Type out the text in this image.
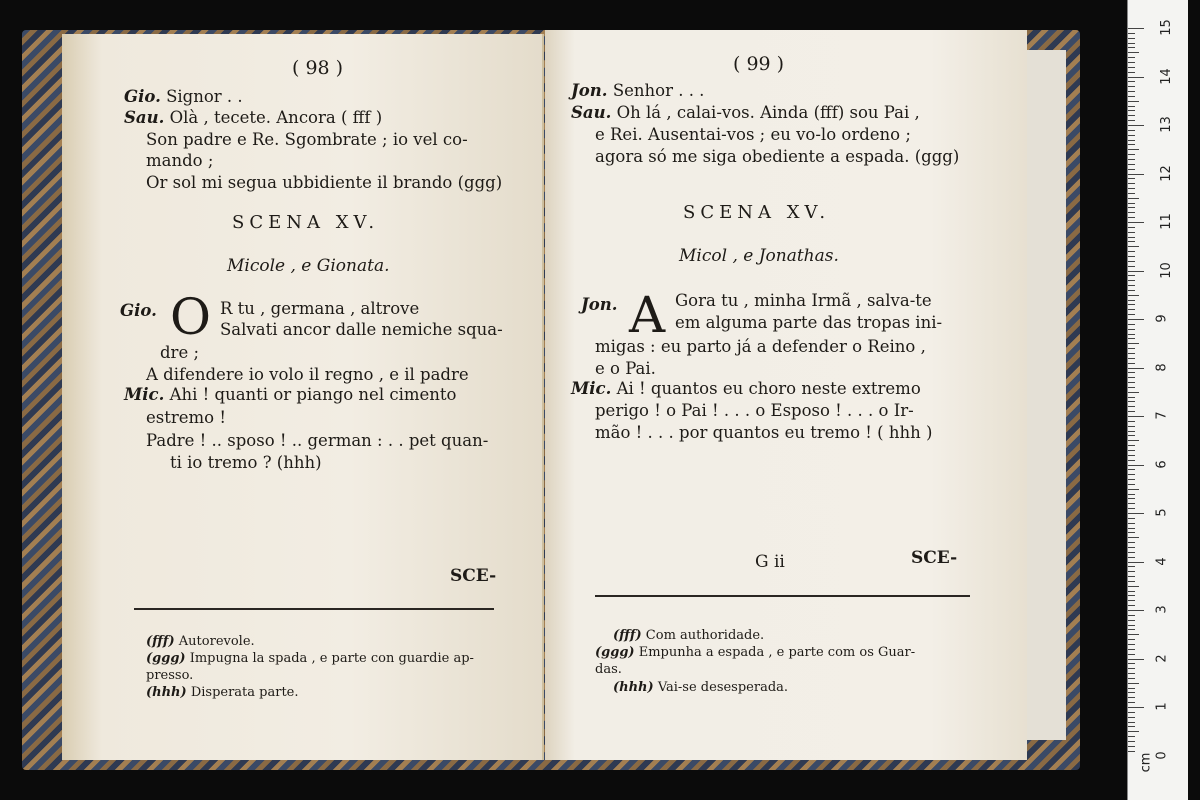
( 98 )
Gio. Signor . .
Sau. Olà , tecete. Ancora ( fff )
Son padre e Re. Sgombrate ; io vel co-
mando ;
Or sol mi segua ubbidiente il brando (ggg)
SCENA XV.
Micole , e Gionata.
Gio. O R tu , germana , altrove
Salvati ancor dalle nemiche squa-
dre ;
A difendere io volo il regno , e il padre
Mic. Ahi ! quanti or piango nel cimento
estremo !
Padre ! .. sposo ! .. german : . . pet quan-
ti io tremo ? (hhh)
SCE-
(fff) Autorevole.
(ggg) Impugna la spada , e parte con guardie ap-
presso.
(hhh) Disperata parte.
( 99 )
Jon. Senhor . . .
Sau. Oh lá , calai-vos. Ainda (fff) sou Pai ,
e Rei. Ausentai-vos ; eu vo-lo ordeno ;
agora só me siga obediente a espada. (ggg)
SCENA XV.
Micol , e Jonathas.
Jon. A Gora tu , minha Irmã , salva-te
em alguma parte das tropas ini-
migas : eu parto já a defender o Reino ,
e o Pai.
Mic. Ai ! quantos eu choro neste extremo
perigo ! o Pai ! . . . o Esposo ! . . . o Ir-
mão ! . . . por quantos eu tremo ! ( hhh )
G ii	SCE-
(fff) Com authoridade.
(ggg) Empunha a espada , e parte com os Guar-
das.
(hhh) Vai-se desesperada.
15
14
13
12
11
10
9
8
7
6
5
4
3
2
1
0
cm
